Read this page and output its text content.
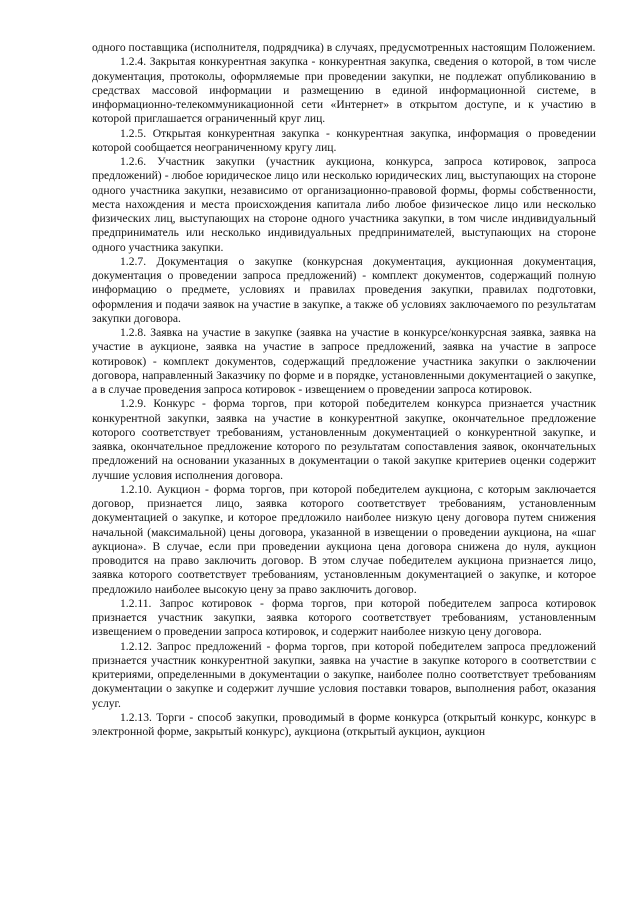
одного поставщика (исполнителя, подрядчика) в случаях, предусмотренных настоящим Положением.

1.2.4. Закрытая конкурентная закупка - конкурентная закупка, сведения о которой, в том числе документация, протоколы, оформляемые при проведении закупки, не подлежат опубликованию в средствах массовой информации и размещению в единой информационной системе, в информационно-телекоммуникационной сети «Интернет» в открытом доступе, и к участию в которой приглашается ограниченный круг лиц.

1.2.5. Открытая конкурентная закупка - конкурентная закупка, информация о проведении которой сообщается неограниченному кругу лиц.

1.2.6. Участник закупки (участник аукциона, конкурса, запроса котировок, запроса предложений) - любое юридическое лицо или несколько юридических лиц, выступающих на стороне одного участника закупки, независимо от организационно-правовой формы, формы собственности, места нахождения и места происхождения капитала либо любое физическое лицо или несколько физических лиц, выступающих на стороне одного участника закупки, в том числе индивидуальный предприниматель или несколько индивидуальных предпринимателей, выступающих на стороне одного участника закупки.

1.2.7. Документация о закупке (конкурсная документация, аукционная документация, документация о проведении запроса предложений) - комплект документов, содержащий полную информацию о предмете, условиях и правилах проведения закупки, правилах подготовки, оформления и подачи заявок на участие в закупке, а также об условиях заключаемого по результатам закупки договора.

1.2.8. Заявка на участие в закупке (заявка на участие в конкурсе/конкурсная заявка, заявка на участие в аукционе, заявка на участие в запросе предложений, заявка на участие в запросе котировок) - комплект документов, содержащий предложение участника закупки о заключении договора, направленный Заказчику по форме и в порядке, установленными документацией о закупке, а в случае проведения запроса котировок - извещением о проведении запроса котировок.

1.2.9. Конкурс - форма торгов, при которой победителем конкурса признается участник конкурентной закупки, заявка на участие в конкурентной закупке, окончательное предложение которого соответствует требованиям, установленным документацией о конкурентной закупке, и заявка, окончательное предложение которого по результатам сопоставления заявок, окончательных предложений на основании указанных в документации о такой закупке критериев оценки содержит лучшие условия исполнения договора.

1.2.10. Аукцион - форма торгов, при которой победителем аукциона, с которым заключается договор, признается лицо, заявка которого соответствует требованиям, установленным документацией о закупке, и которое предложило наиболее низкую цену договора путем снижения начальной (максимальной) цены договора, указанной в извещении о проведении аукциона, на «шаг аукциона». В случае, если при проведении аукциона цена договора снижена до нуля, аукцион проводится на право заключить договор. В этом случае победителем аукциона признается лицо, заявка которого соответствует требованиям, установленным документацией о закупке, и которое предложило наиболее высокую цену за право заключить договор.

1.2.11. Запрос котировок - форма торгов, при которой победителем запроса котировок признается участник закупки, заявка которого соответствует требованиям, установленным извещением о проведении запроса котировок, и содержит наиболее низкую цену договора.

1.2.12. Запрос предложений - форма торгов, при которой победителем запроса предложений признается участник конкурентной закупки, заявка на участие в закупке которого в соответствии с критериями, определенными в документации о закупке, наиболее полно соответствует требованиям документации о закупке и содержит лучшие условия поставки товаров, выполнения работ, оказания услуг.

1.2.13. Торги - способ закупки, проводимый в форме конкурса (открытый конкурс, конкурс в электронной форме, закрытый конкурс), аукциона (открытый аукцион, аукцион
